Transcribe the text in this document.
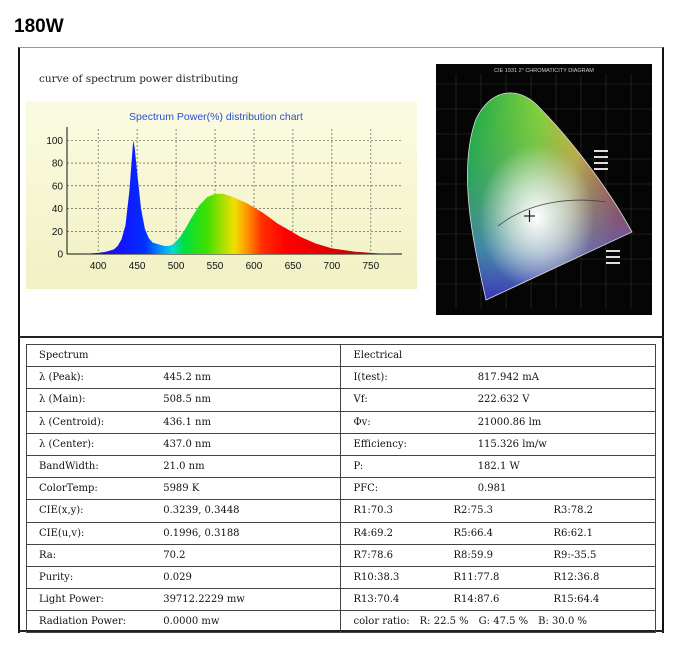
180W
curve of spectrum power distributing
Spectrum Power(%) distribution chart
0
20
40
60
80
100
400 450 500 550 600 650 700 750
CIE 1931 2° CHROMATICITY DIAGRAM
Spectrum		Electrical	
λ (Peak):	445.2 nm	I(test):	817.942 mA
λ (Main):	508.5 nm	Vf:	222.632 V
λ (Centroid):	436.1 nm	Φv:	21000.86 lm
λ (Center):	437.0 nm	Efficiency:	115.326 lm/w
BandWidth:	21.0 nm	P:	182.1 W
ColorTemp:	5989 K	PFC:	0.981
CIE(x,y):	0.3239, 0.3448	R1:70.3 R2:75.3 R3:78.2	
CIE(u,v):	0.1996, 0.3188	R4:69.2 R5:66.4 R6:62.1	
Ra:	70.2	R7:78.6 R8:59.9 R9:-35.5	
Purity:	0.029	R10:38.3 R11:77.8 R12:36.8	
Light Power:	39712.2229 mw	R13:70.4 R14:87.6 R15:64.4	
Radiation Power:	0.0000 mw	color ratio: R: 22.5 % G: 47.5 % B: 30.0 %	
